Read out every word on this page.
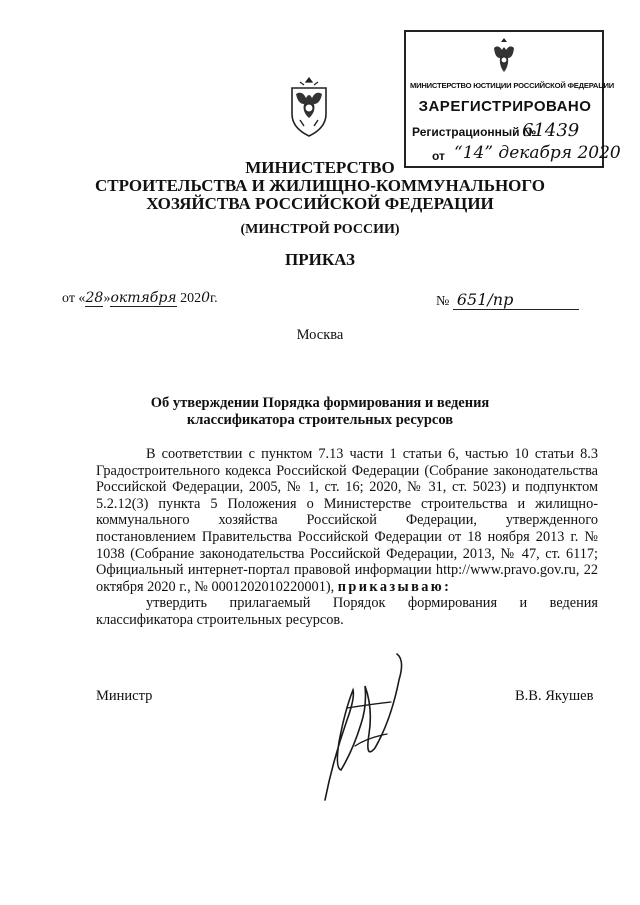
МИНИСТЕРСТВО ЮСТИЦИИ РОССИЙСКОЙ ФЕДЕРАЦИИ
ЗАРЕГИСТРИРОВАНО
Регистрационный №
61439
от “14” декабря 2020
МИНИСТЕРСТВО
СТРОИТЕЛЬСТВА И ЖИЛИЩНО-КОММУНАЛЬНОГО
ХОЗЯЙСТВА РОССИЙСКОЙ ФЕДЕРАЦИИ
(МИНСТРОЙ РОССИИ)
ПРИКАЗ
от «28»октября 2020г.	№ 651/пр
Москва
Об утверждении Порядка формирования и ведения
классификатора строительных ресурсов

В соответствии с пунктом 7.13 части 1 статьи 6, частью 10 статьи 8.3 Градостроительного кодекса Российской Федерации (Собрание законодательства Российской Федерации, 2005, № 1, ст. 16; 2020, № 31, ст. 5023) и подпунктом 5.2.12(3) пункта 5 Положения о Министерстве строительства и жилищно-коммунального хозяйства Российской Федерации, утвержденного постановлением Правительства Российской Федерации от 18 ноября 2013 г. № 1038 (Собрание законодательства Российской Федерации, 2013, № 47, ст. 6117; Официальный интернет-портал правовой информации http://www.pravo.gov.ru, 22 октября 2020 г., № 0001202010220001), приказываю:

утвердить прилагаемый Порядок формирования и ведения классификатора строительных ресурсов.

Министр	В.В. Якушев
